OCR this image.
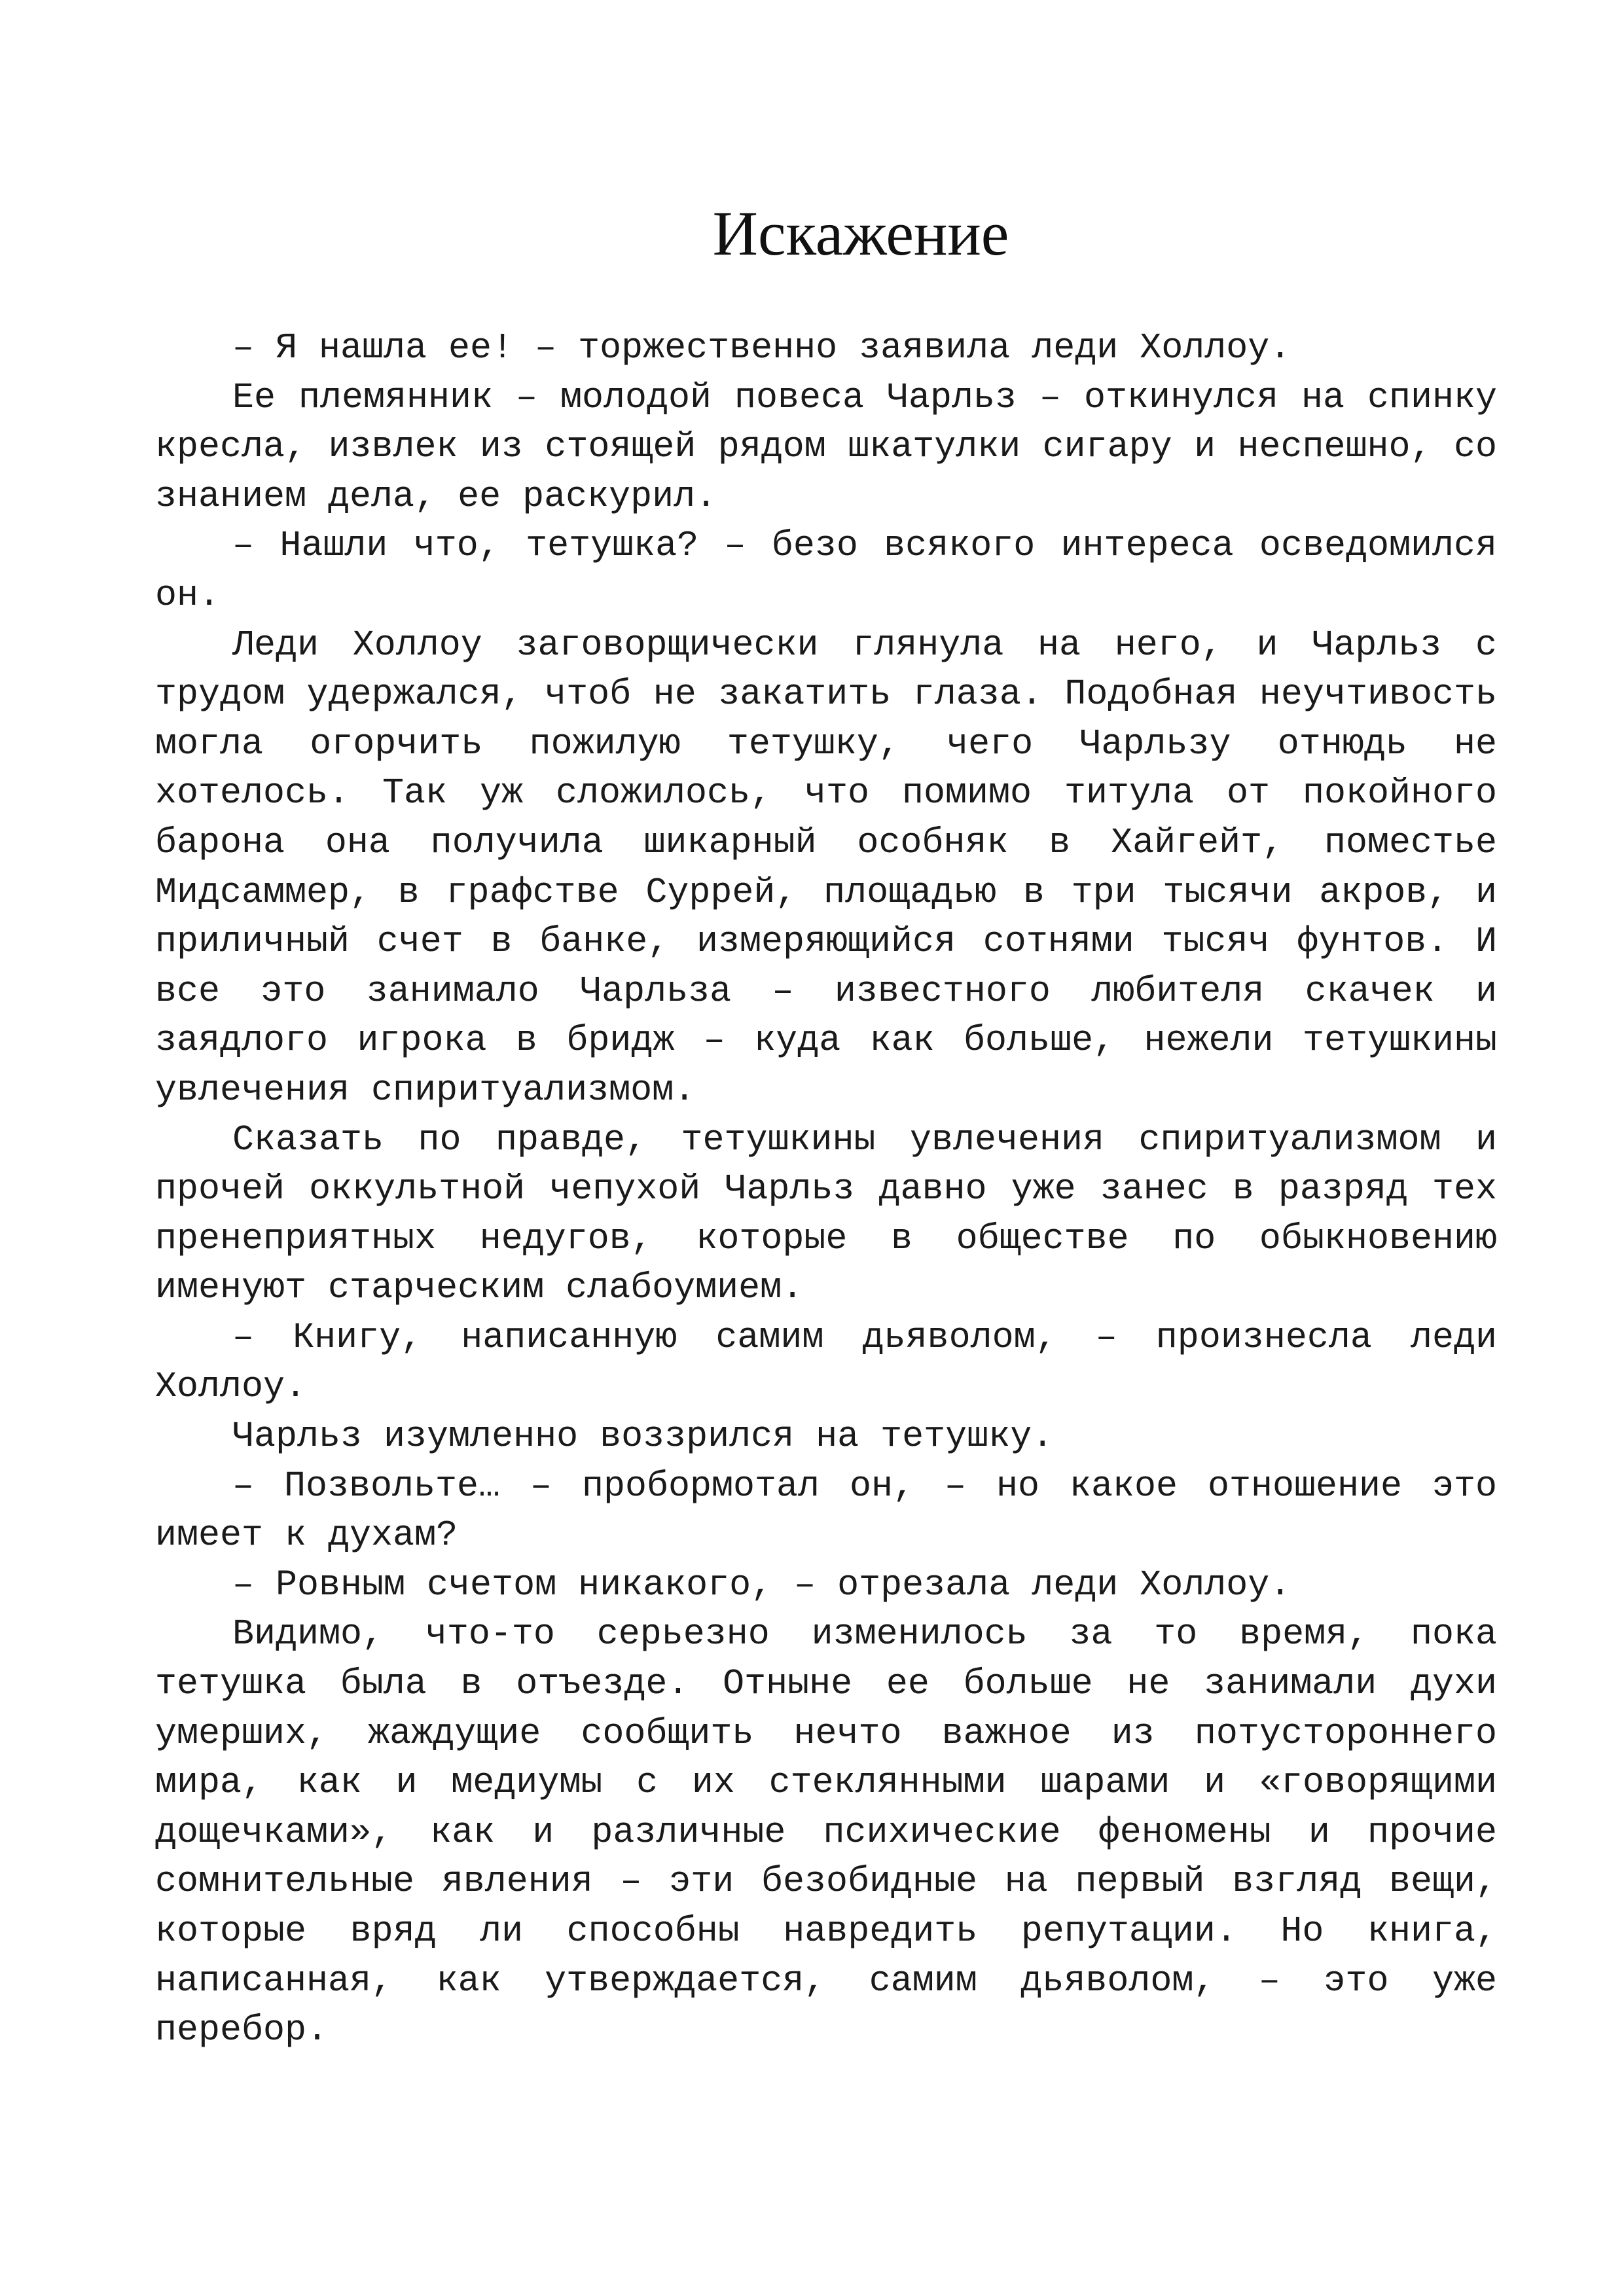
Искажение

– Я нашла ее! – торжественно заявила леди Холлоу.

Ее племянник – молодой повеса Чарльз – откинулся на спинку кресла, извлек из стоящей рядом шкатулки сигару и неспешно, со знанием дела, ее раскурил.

– Нашли что, тетушка? – безо всякого интереса осведомился он.

Леди Холлоу заговорщически глянула на него, и Чарльз с трудом удержался, чтоб не закатить глаза. Подобная неучтивость могла огорчить пожилую тетушку, чего Чарльзу отнюдь не хотелось. Так уж сложилось, что помимо титула от покойного барона она получила шикарный особняк в Хайгейт, поместье Мидсаммер, в графстве Суррей, площадью в три тысячи акров, и приличный счет в банке, измеряющийся сотнями тысяч фунтов. И все это занимало Чарльза – известного любителя скачек и заядлого игрока в бридж – куда как больше, нежели тетушкины увлечения спиритуализмом.

Сказать по правде, тетушкины увлечения спиритуализмом и прочей оккультной чепухой Чарльз давно уже занес в разряд тех пренеприятных недугов, которые в обществе по обыкновению именуют старческим слабоумием.

– Книгу, написанную самим дьяволом, – произнесла леди Холлоу.

Чарльз изумленно воззрился на тетушку.

– Позвольте… – пробормотал он, – но какое отношение это имеет к духам?

– Ровным счетом никакого, – отрезала леди Холлоу.

Видимо, что-то серьезно изменилось за то время, пока тетушка была в отъезде. Отныне ее больше не занимали духи умерших, жаждущие сообщить нечто важное из потустороннего мира, как и медиумы с их стеклянными шарами и «говорящими дощечками», как и различные психические феномены и прочие сомнительные явления – эти безобидные на первый взгляд вещи, которые вряд ли способны навредить репутации. Но книга, написанная, как утверждается, самим дьяволом, – это уже перебор.
